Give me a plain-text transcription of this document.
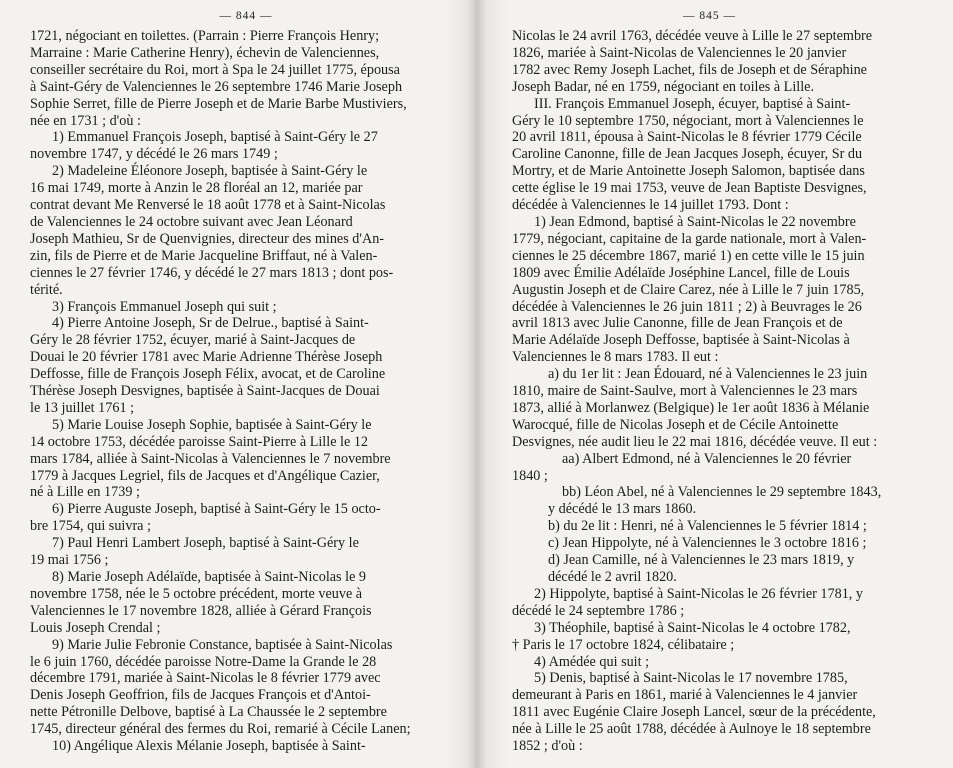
— 844 —
1721, négociant en toilettes. (Parrain : Pierre François Henry;
Marraine : Marie Catherine Henry), échevin de Valenciennes,
conseiller secrétaire du Roi, mort à Spa le 24 juillet 1775, épousa
à Saint-Géry de Valenciennes le 26 septembre 1746 Marie Joseph
Sophie Serret, fille de Pierre Joseph et de Marie Barbe Mustiviers,
née en 1731 ; d'où :
1) Emmanuel François Joseph, baptisé à Saint-Géry le 27
novembre 1747, y décédé le 26 mars 1749 ;
2) Madeleine Éléonore Joseph, baptisée à Saint-Géry le
16 mai 1749, morte à Anzin le 28 floréal an 12, mariée par
contrat devant Me Renversé le 18 août 1778 et à Saint-Nicolas
de Valenciennes le 24 octobre suivant avec Jean Léonard
Joseph Mathieu, Sr de Quenvignies, directeur des mines d'An-
zin, fils de Pierre et de Marie Jacqueline Briffaut, né à Valen-
ciennes le 27 février 1746, y décédé le 27 mars 1813 ; dont pos-
térité.
3) François Emmanuel Joseph qui suit ;
4) Pierre Antoine Joseph, Sr de Delrue., baptisé à Saint-
Géry le 28 février 1752, écuyer, marié à Saint-Jacques de
Douai le 20 février 1781 avec Marie Adrienne Thérèse Joseph
Deffosse, fille de François Joseph Félix, avocat, et de Caroline
Thérèse Joseph Desvignes, baptisée à Saint-Jacques de Douai
le 13 juillet 1761 ;
5) Marie Louise Joseph Sophie, baptisée à Saint-Géry le
14 octobre 1753, décédée paroisse Saint-Pierre à Lille le 12
mars 1784, alliée à Saint-Nicolas à Valenciennes le 7 novembre
1779 à Jacques Legriel, fils de Jacques et d'Angélique Cazier,
né à Lille en 1739 ;
6) Pierre Auguste Joseph, baptisé à Saint-Géry le 15 octo-
bre 1754, qui suivra ;
7) Paul Henri Lambert Joseph, baptisé à Saint-Géry le
19 mai 1756 ;
8) Marie Joseph Adélaïde, baptisée à Saint-Nicolas le 9
novembre 1758, née le 5 octobre précédent, morte veuve à
Valenciennes le 17 novembre 1828, alliée à Gérard François
Louis Joseph Crendal ;
9) Marie Julie Febronie Constance, baptisée à Saint-Nicolas
le 6 juin 1760, décédée paroisse Notre-Dame la Grande le 28
décembre 1791, mariée à Saint-Nicolas le 8 février 1779 avec
Denis Joseph Geoffrion, fils de Jacques François et d'Antoi-
nette Pétronille Delbove, baptisé à La Chaussée le 2 septembre
1745, directeur général des fermes du Roi, remarié à Cécile Lanen;
10) Angélique Alexis Mélanie Joseph, baptisée à Saint-
— 845 —
Nicolas le 24 avril 1763, décédée veuve à Lille le 27 septembre
1826, mariée à Saint-Nicolas de Valenciennes le 20 janvier
1782 avec Remy Joseph Lachet, fils de Joseph et de Séraphine
Joseph Badar, né en 1759, négociant en toiles à Lille.
III. François Emmanuel Joseph, écuyer, baptisé à Saint-
Géry le 10 septembre 1750, négociant, mort à Valenciennes le
20 avril 1811, épousa à Saint-Nicolas le 8 février 1779 Cécile
Caroline Canonne, fille de Jean Jacques Joseph, écuyer, Sr du
Mortry, et de Marie Antoinette Joseph Salomon, baptisée dans
cette église le 19 mai 1753, veuve de Jean Baptiste Desvignes,
décédée à Valenciennes le 14 juillet 1793. Dont :
1) Jean Edmond, baptisé à Saint-Nicolas le 22 novembre
1779, négociant, capitaine de la garde nationale, mort à Valen-
ciennes le 25 décembre 1867, marié 1) en cette ville le 15 juin
1809 avec Émilie Adélaïde Joséphine Lancel, fille de Louis
Augustin Joseph et de Claire Carez, née à Lille le 7 juin 1785,
décédée à Valenciennes le 26 juin 1811 ; 2) à Beuvrages le 26
avril 1813 avec Julie Canonne, fille de Jean François et de
Marie Adélaïde Joseph Deffosse, baptisée à Saint-Nicolas à
Valenciennes le 8 mars 1783. Il eut :
a) du 1er lit : Jean Édouard, né à Valenciennes le 23 juin
1810, maire de Saint-Saulve, mort à Valenciennes le 23 mars
1873, allié à Morlanwez (Belgique) le 1er août 1836 à Mélanie
Warocqué, fille de Nicolas Joseph et de Cécile Antoinette
Desvignes, née audit lieu le 22 mai 1816, décédée veuve. Il eut :
aa) Albert Edmond, né à Valenciennes le 20 février
1840 ;
bb) Léon Abel, né à Valenciennes le 29 septembre 1843,
y décédé le 13 mars 1860.
b) du 2e lit : Henri, né à Valenciennes le 5 février 1814 ;
c) Jean Hippolyte, né à Valenciennes le 3 octobre 1816 ;
d) Jean Camille, né à Valenciennes le 23 mars 1819, y
décédé le 2 avril 1820.
2) Hippolyte, baptisé à Saint-Nicolas le 26 février 1781, y
décédé le 24 septembre 1786 ;
3) Théophile, baptisé à Saint-Nicolas le 4 octobre 1782,
† Paris le 17 octobre 1824, célibataire ;
4) Amédée qui suit ;
5) Denis, baptisé à Saint-Nicolas le 17 novembre 1785,
demeurant à Paris en 1861, marié à Valenciennes le 4 janvier
1811 avec Eugénie Claire Joseph Lancel, sœur de la précédente,
née à Lille le 25 août 1788, décédée à Aulnoye le 18 septembre
1852 ; d'où :
